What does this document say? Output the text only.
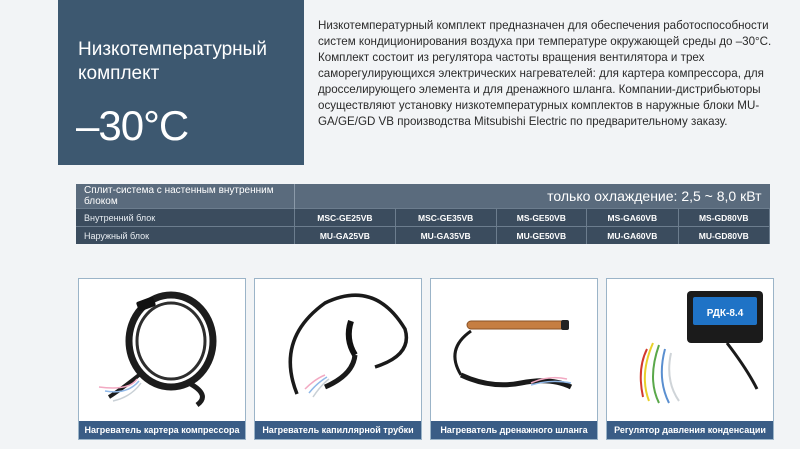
Низкотемпературный комплект
–30°C
Низкотемпературный комплект предназначен для обеспечения работоспособности систем кондиционирования воздуха при температуре окружающей среды до –30°С. Комплект состоит из регулятора частоты вращения вентилятора и трех саморегулирующихся электрических нагревателей: для картера компрессора, для дросселирующего элемента и для дренажного шланга. Компании-дистрибьюторы осуществляют установку низкотемпературных комплектов в наружные блоки MU-GA/GE/GD VB производства Mitsubishi Electric по предварительному заказу.
Сплит-система с настенным внутренним блоком	только охлаждение: 2,5 ~ 8,0 кВт				
Внутренний блок	MSC-GE25VB	MSC-GE35VB	MS-GE50VB	MS-GA60VB	MS-GD80VB
Наружный блок	MU-GA25VB	MU-GA35VB	MU-GE50VB	MU-GA60VB	MU-GD80VB
Нагреватель картера компрессора	Нагреватель капиллярной трубки	Нагреватель дренажного шланга
РДК-8.4
Регулятор давления конденсации
